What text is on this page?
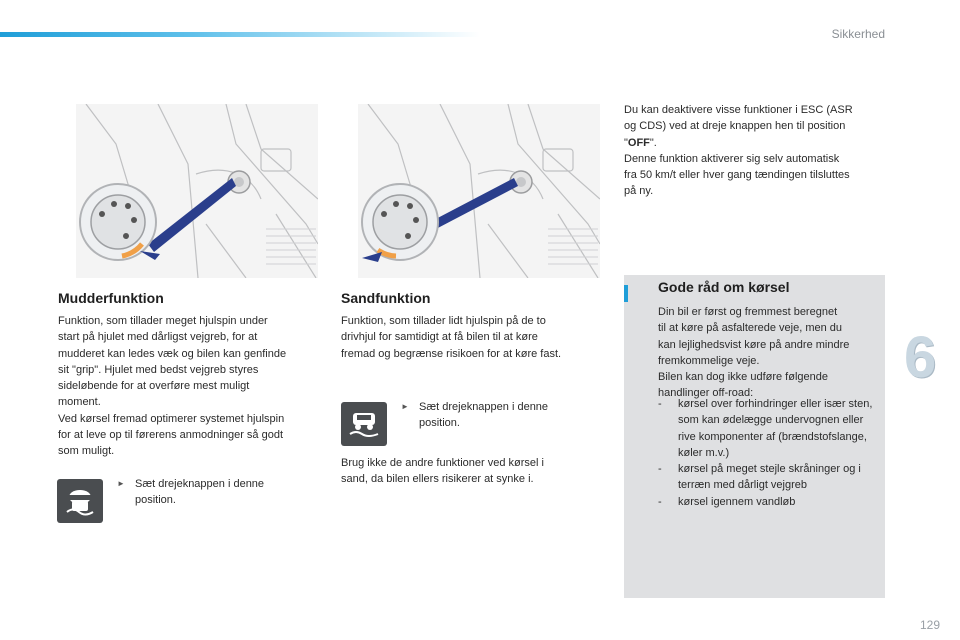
Sikkerhed
6
Mudderfunktion
Funktion, som tillader meget hjulspin under
start på hjulet med dårligst vejgreb, for at
mudderet kan ledes væk og bilen kan genfinde
sit "grip". Hjulet med bedst vejgreb styres
sideløbende for at overføre mest muligt
moment.
Ved kørsel fremad optimerer systemet hjulspin
for at leve op til førerens anmodninger så godt
som muligt.
► Sæt drejeknappen i denne
position.
Sandfunktion
Funktion, som tillader lidt hjulspin på de to
drivhjul for samtidigt at få bilen til at køre
fremad og begrænse risikoen for at køre fast.
► Sæt drejeknappen i denne
position.
Brug ikke de andre funktioner ved kørsel i
sand, da bilen ellers risikerer at synke i.
Du kan deaktivere visse funktioner i ESC (ASR
og CDS) ved at dreje knappen hen til position
"OFF".
Denne funktion aktiverer sig selv automatisk
fra 50 km/t eller hver gang tændingen tilsluttes
på ny.
Gode råd om kørsel
Din bil er først og fremmest beregnet
til at køre på asfalterede veje, men du
kan lejlighedsvist køre på andre mindre
fremkommelige veje.
Bilen kan dog ikke udføre følgende
handlinger off-road:
- kørsel over forhindringer eller især sten, som kan ødelægge undervognen eller rive komponenter af (brændstofslange, køler m.v.)
- kørsel på meget stejle skråninger og i terræn med dårligt vejgreb
- kørsel igennem vandløb
129
